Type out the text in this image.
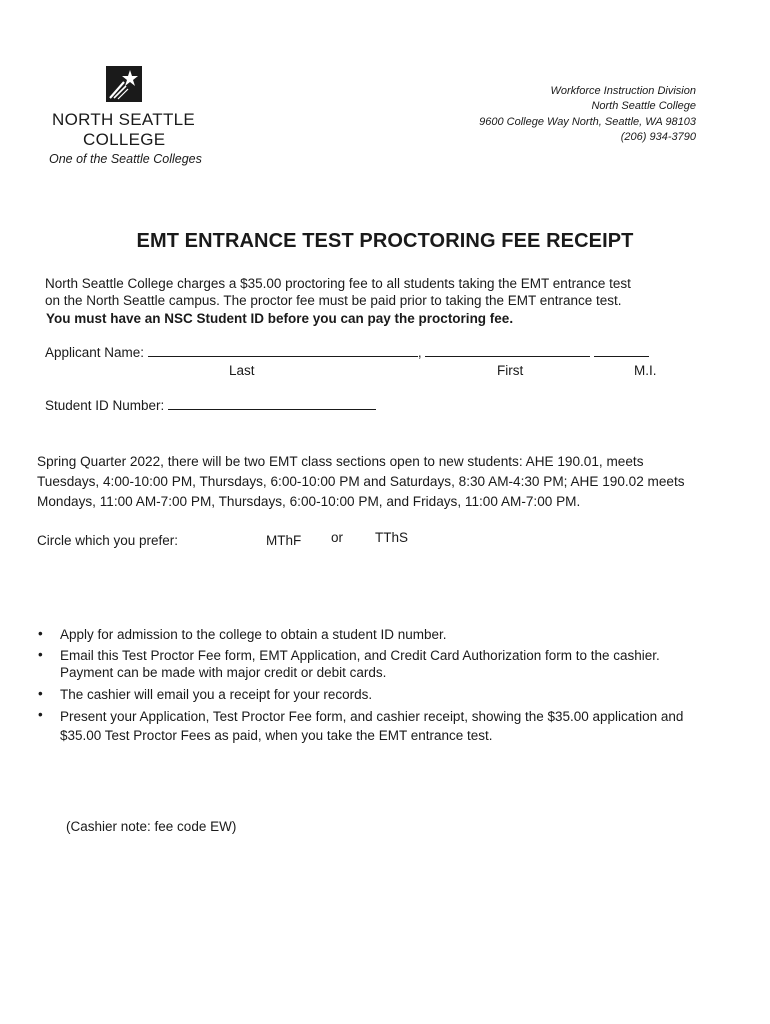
NORTH SEATTLE
COLLEGE
One of the Seattle Colleges
Workforce Instruction Division
North Seattle College
9600 College Way North, Seattle, WA 98103
(206) 934-3790
EMT ENTRANCE TEST PROCTORING FEE RECEIPT
North Seattle College charges a $35.00 proctoring fee to all students taking the EMT entrance test
on the North Seattle campus. The proctor fee must be paid prior to taking the EMT entrance test.
You must have an NSC Student ID before you can pay the proctoring fee.
Applicant Name:	,
Last	First	M.I.
Student ID Number:
Spring Quarter 2022, there will be two EMT class sections open to new students: AHE 190.01, meets
Tuesdays, 4:00-10:00 PM, Thursdays, 6:00-10:00 PM and Saturdays, 8:30 AM-4:30 PM; AHE 190.02 meets
Mondays, 11:00 AM-7:00 PM, Thursdays, 6:00-10:00 PM, and Fridays, 11:00 AM-7:00 PM.
Circle which you prefer:	MThF or TThS
• Apply for admission to the college to obtain a student ID number.
• Email this Test Proctor Fee form, EMT Application, and Credit Card Authorization form to the cashier. Payment can be made with major credit or debit cards.
• The cashier will email you a receipt for your records.
• Present your Application, Test Proctor Fee form, and cashier receipt, showing the $35.00 application and $35.00 Test Proctor Fees as paid, when you take the EMT entrance test.
(Cashier note: fee code EW)
